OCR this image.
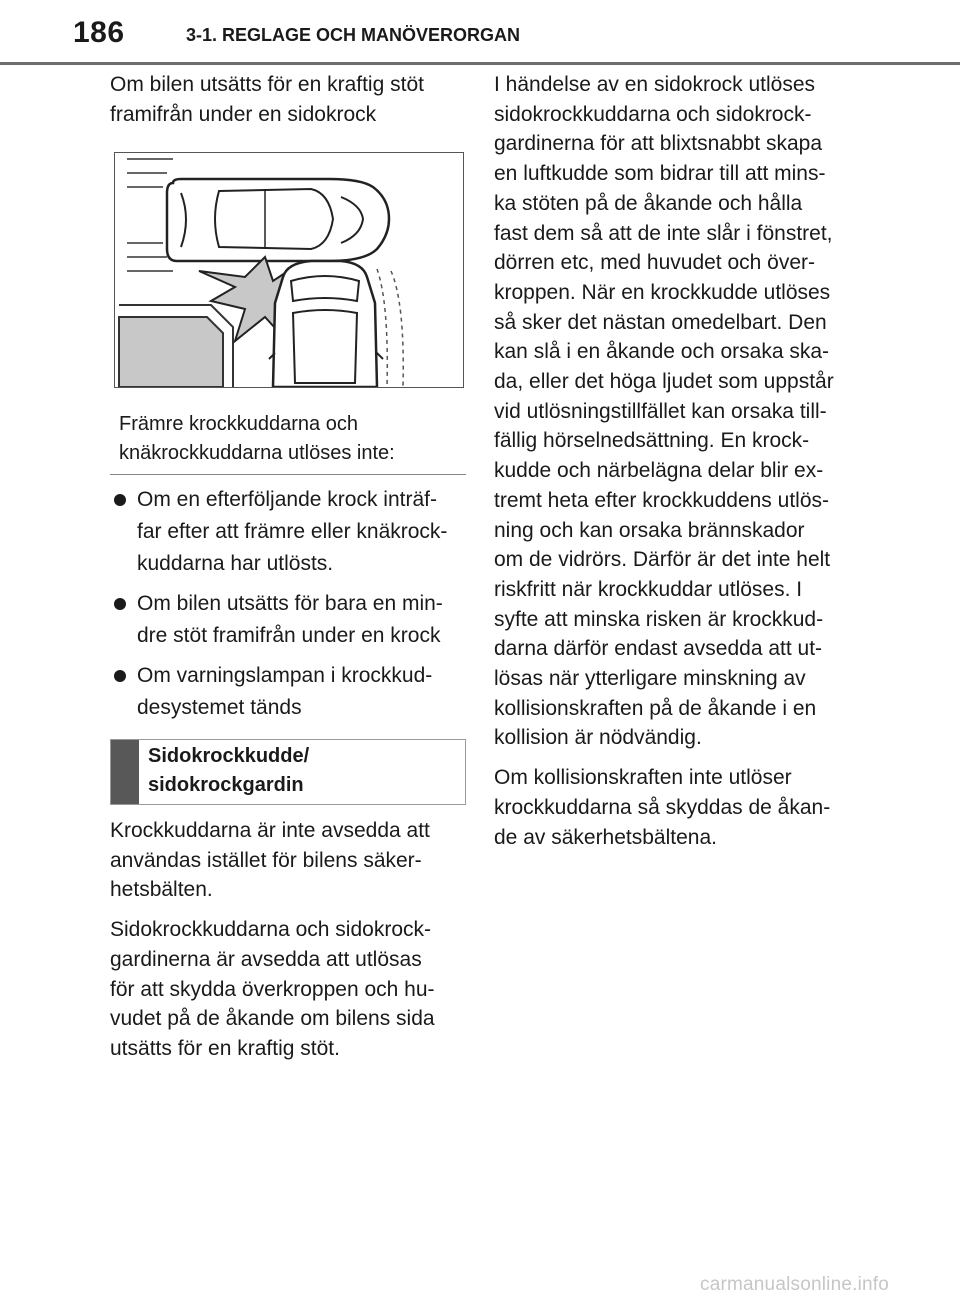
186	3-1. REGLAGE OCH MANÖVERORGAN

Om bilen utsätts för en kraftig stöt

framifrån under en sidokrock

Främre krockkuddarna och
knäkrockkuddarna utlöses inte:
Om en efterföljande krock inträf-
far efter att främre eller knäkrock-
kuddarna har utlösts.
Om bilen utsätts för bara en min-
dre stöt framifrån under en krock
Om varningslampan i krockkud-
desystemet tänds
Sidokrockkudde/
sidokrockgardin

Krockkuddarna är inte avsedda att

användas istället för bilens säker-

hetsbälten.

Sidokrockkuddarna och sidokrock-

gardinerna är avsedda att utlösas

för att skydda överkroppen och hu-

vudet på de åkande om bilens sida

utsätts för en kraftig stöt.

I händelse av en sidokrock utlöses

sidokrockkuddarna och sidokrock-

gardinerna för att blixtsnabbt skapa

en luftkudde som bidrar till att mins-

ka stöten på de åkande och hålla

fast dem så att de inte slår i fönstret,

dörren etc, med huvudet och över-

kroppen. När en krockkudde utlöses

så sker det nästan omedelbart. Den

kan slå i en åkande och orsaka ska-

da, eller det höga ljudet som uppstår

vid utlösningstillfället kan orsaka till-

fällig hörselnedsättning. En krock-

kudde och närbelägna delar blir ex-

tremt heta efter krockkuddens utlös-

ning och kan orsaka brännskador

om de vidrörs. Därför är det inte helt

riskfritt när krockkuddar utlöses. I

syfte att minska risken är krockkud-

darna därför endast avsedda att ut-

lösas när ytterligare minskning av

kollisionskraften på de åkande i en

kollision är nödvändig.

Om kollisionskraften inte utlöser

krockkuddarna så skyddas de åkan-

de av säkerhetsbältena.

carmanualsonline.info
